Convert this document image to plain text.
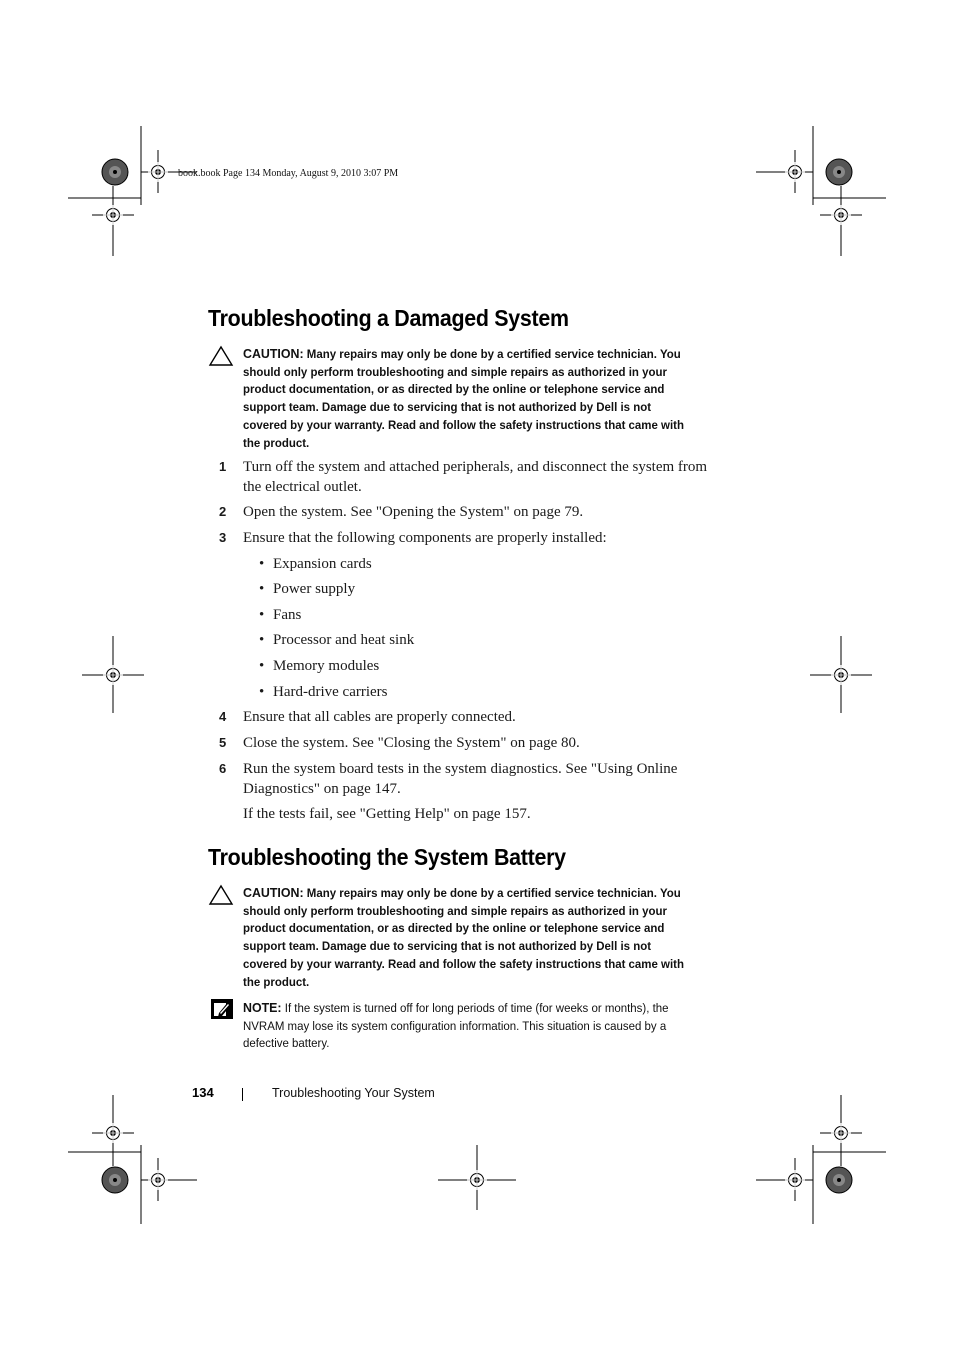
book.book Page 134 Monday, August 9, 2010 3:07 PM
Troubleshooting a Damaged System
CAUTION: Many repairs may only be done by a certified service technician. You should only perform troubleshooting and simple repairs as authorized in your product documentation, or as directed by the online or telephone service and support team. Damage due to servicing that is not authorized by Dell is not covered by your warranty. Read and follow the safety instructions that came with the product.
1 Turn off the system and attached peripherals, and disconnect the system from the electrical outlet.
2 Open the system. See "Opening the System" on page 79.
3 Ensure that the following components are properly installed:
• Expansion cards
• Power supply
• Fans
• Processor and heat sink
• Memory modules
• Hard-drive carriers
4 Ensure that all cables are properly connected.
5 Close the system. See "Closing the System" on page 80.
6 Run the system board tests in the system diagnostics. See "Using Online Diagnostics" on page 147.
If the tests fail, see "Getting Help" on page 157.
Troubleshooting the System Battery
CAUTION: Many repairs may only be done by a certified service technician. You should only perform troubleshooting and simple repairs as authorized in your product documentation, or as directed by the online or telephone service and support team. Damage due to servicing that is not authorized by Dell is not covered by your warranty. Read and follow the safety instructions that came with the product.
NOTE: If the system is turned off for long periods of time (for weeks or months), the NVRAM may lose its system configuration information. This situation is caused by a defective battery.
134	Troubleshooting Your System
